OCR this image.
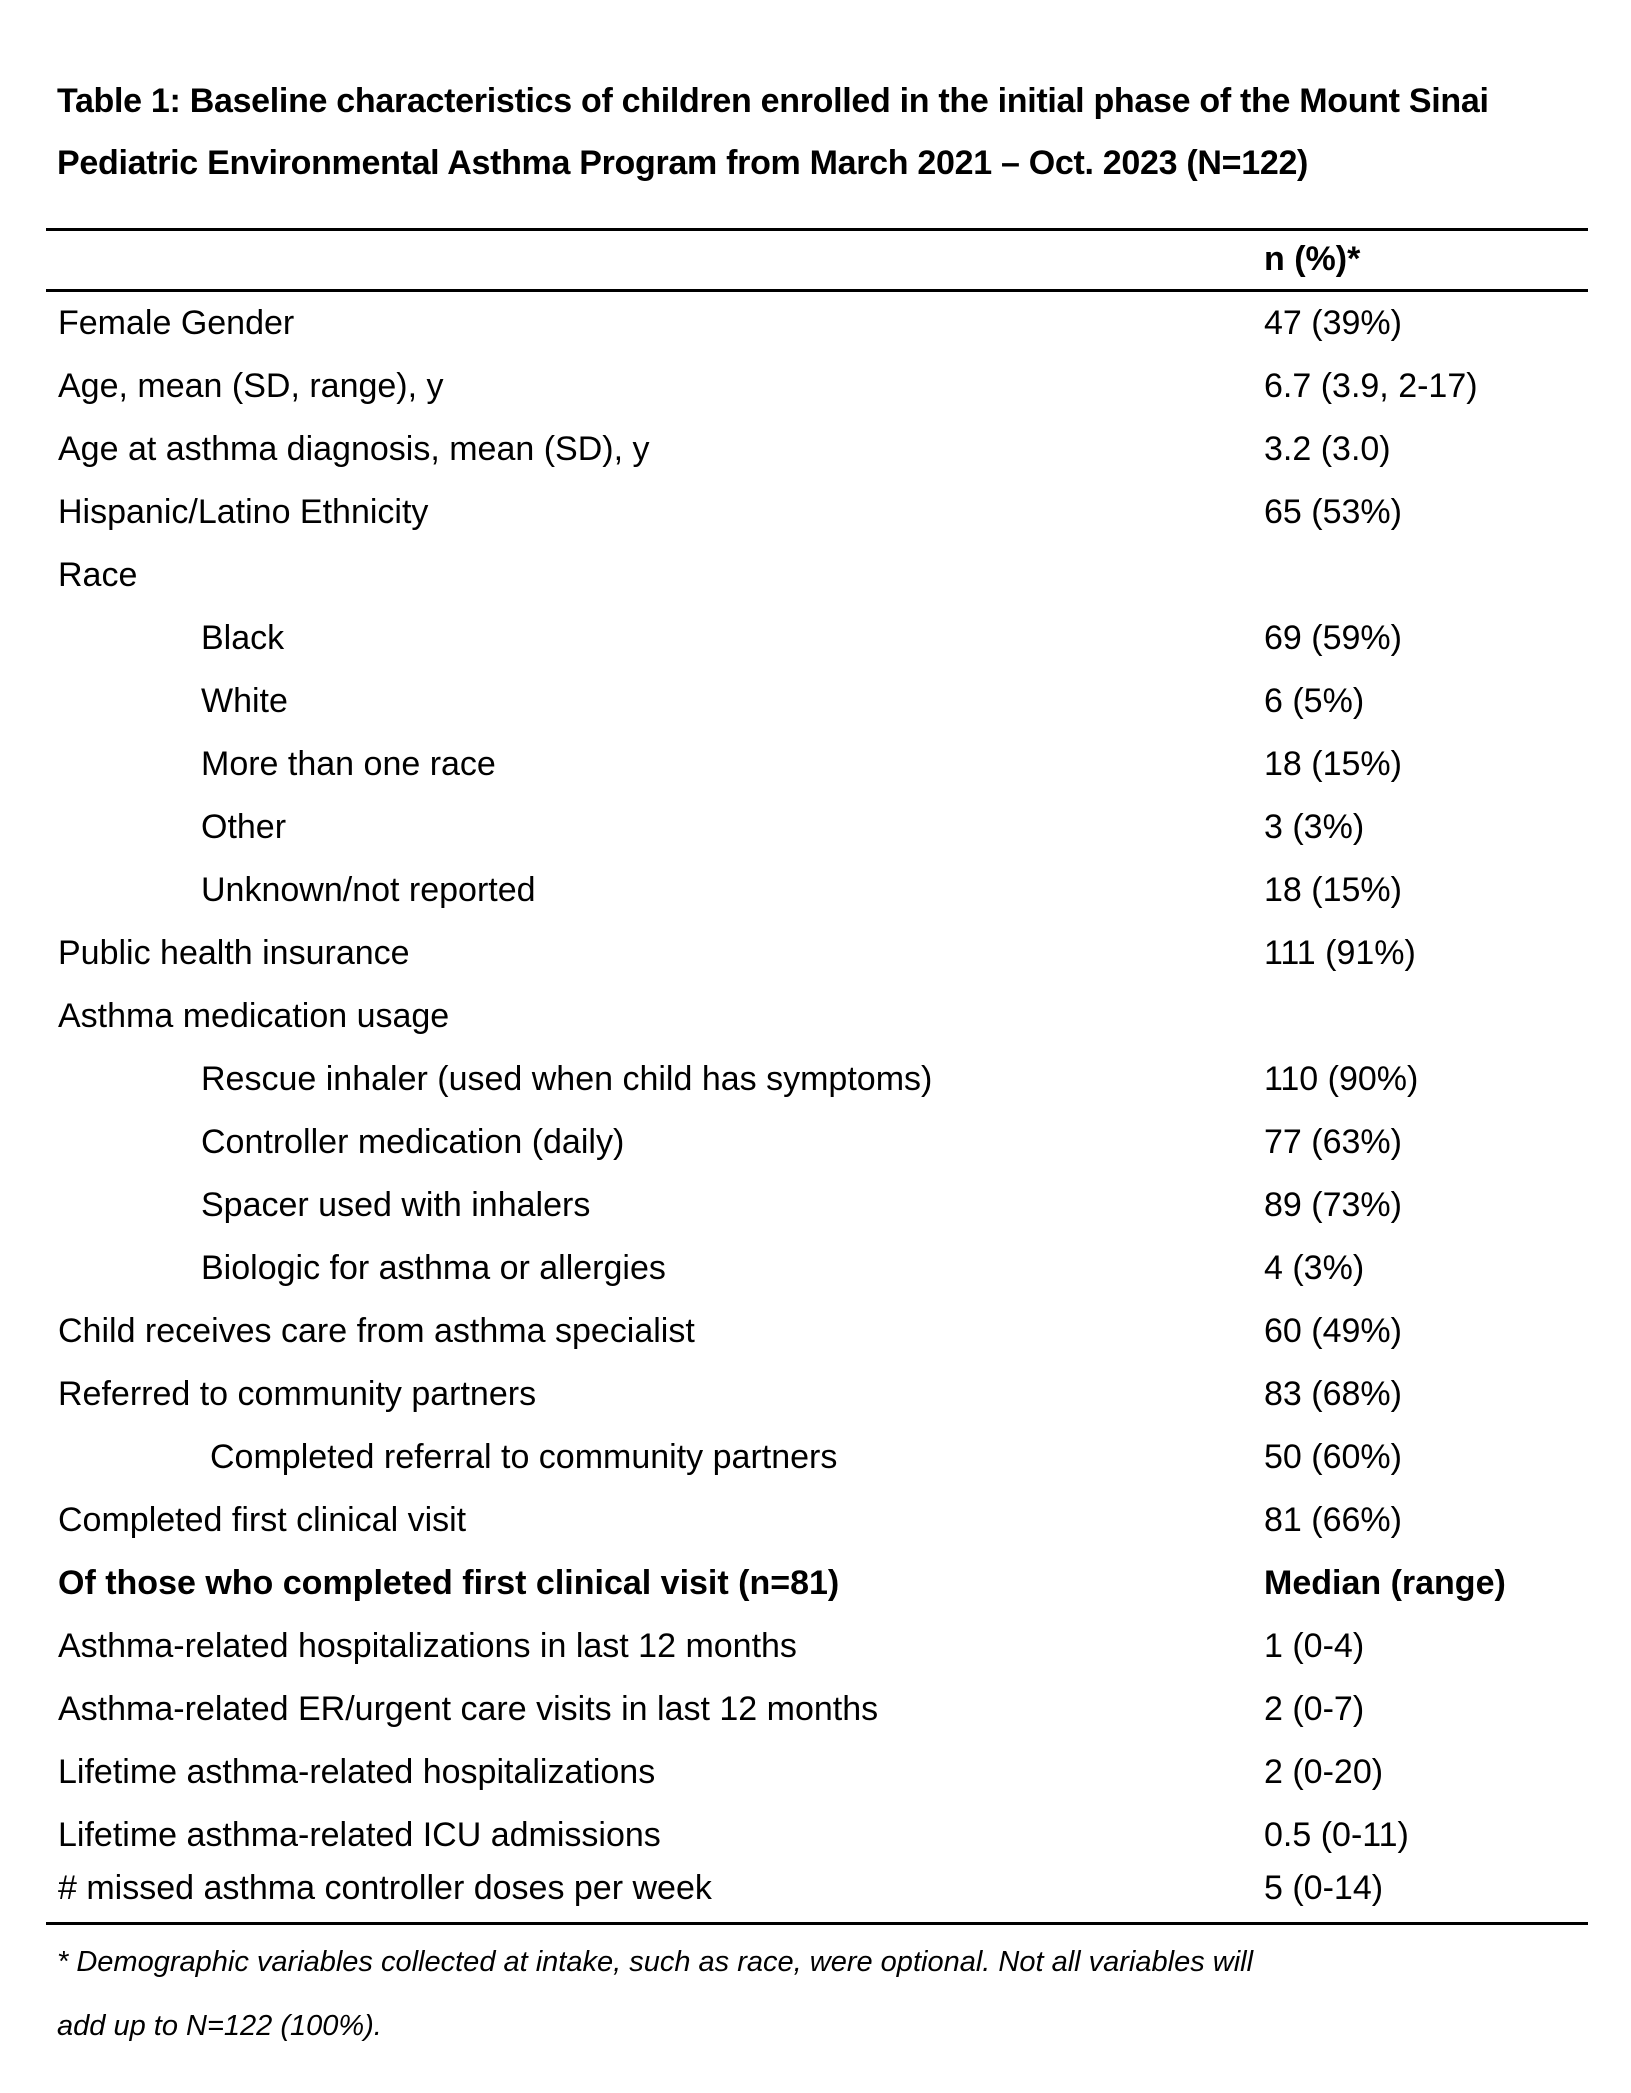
Table 1: Baseline characteristics of children enrolled in the initial phase of the Mount Sinai
Pediatric Environmental Asthma Program from March 2021 – Oct. 2023 (N=122)
n (%)*
Female Gender	47 (39%)
Age, mean (SD, range), y	6.7 (3.9, 2-17)
Age at asthma diagnosis, mean (SD), y	3.2 (3.0)
Hispanic/Latino Ethnicity	65 (53%)
Race
Black	69 (59%)
White	6 (5%)
More than one race	18 (15%)
Other	3 (3%)
Unknown/not reported	18 (15%)
Public health insurance	111 (91%)
Asthma medication usage
Rescue inhaler (used when child has symptoms)	110 (90%)
Controller medication (daily)	77 (63%)
Spacer used with inhalers	89 (73%)
Biologic for asthma or allergies	4 (3%)
Child receives care from asthma specialist	60 (49%)
Referred to community partners	83 (68%)
Completed referral to community partners	50 (60%)
Completed first clinical visit	81 (66%)
Of those who completed first clinical visit (n=81)	Median (range)
Asthma-related hospitalizations in last 12 months	1 (0-4)
Asthma-related ER/urgent care visits in last 12 months	2 (0-7)
Lifetime asthma-related hospitalizations	2 (0-20)
Lifetime asthma-related ICU admissions	0.5 (0-11)
# missed asthma controller doses per week	5 (0-14)
* Demographic variables collected at intake, such as race, were optional. Not all variables will
add up to N=122 (100%).
